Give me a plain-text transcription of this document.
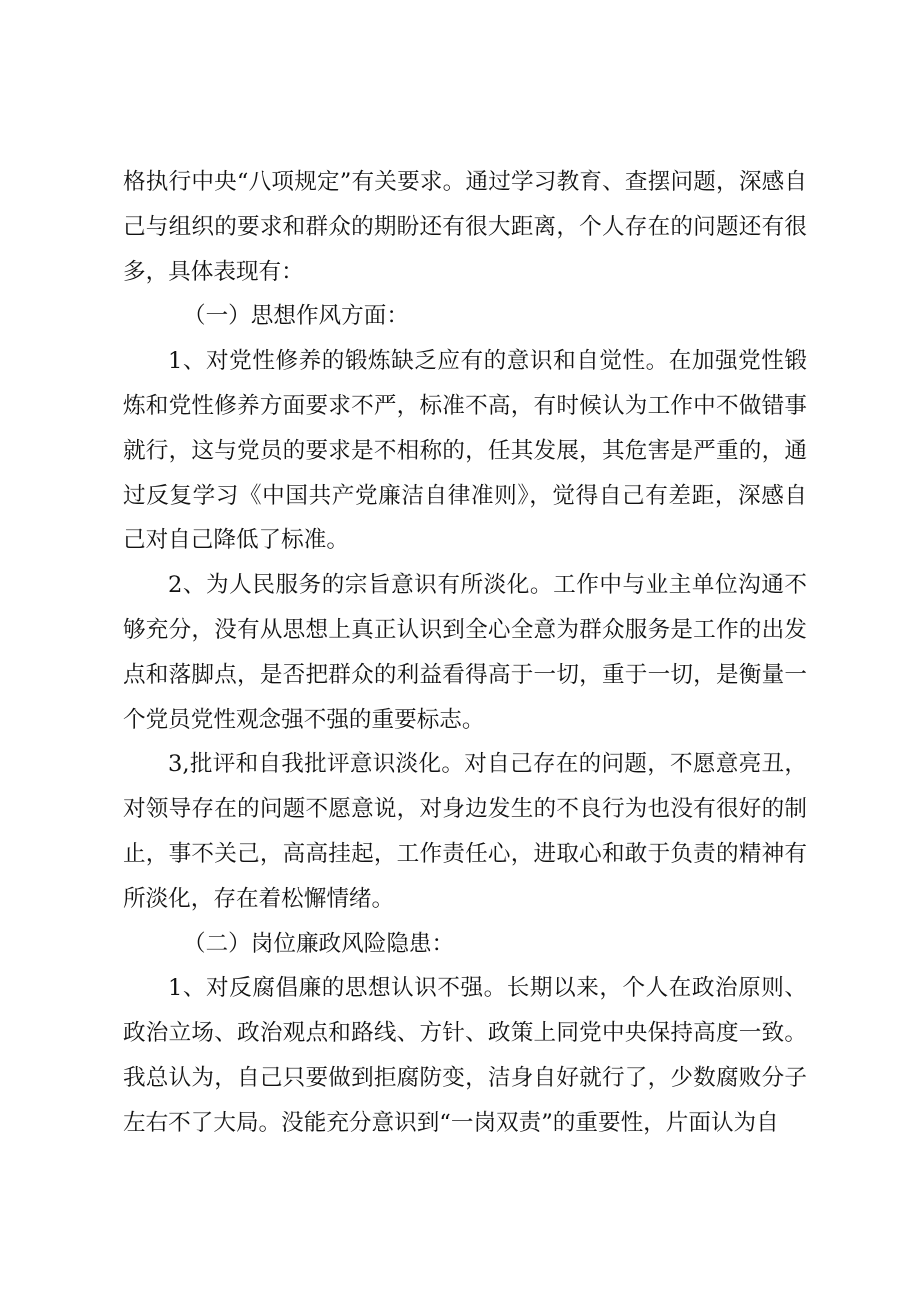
格执行中央“八项规定”有关要求。通过学习教育、查摆问题，深感自己与组织的要求和群众的期盼还有很大距离，个人存在的问题还有很多，具体表现有：

（一）思想作风方面：

1、对党性修养的锻炼缺乏应有的意识和自觉性。在加强党性锻炼和党性修养方面要求不严，标准不高，有时候认为工作中不做错事就行，这与党员的要求是不相称的，任其发展，其危害是严重的，通过反复学习《中国共产党廉洁自律准则》，觉得自己有差距，深感自己对自己降低了标准。

2、为人民服务的宗旨意识有所淡化。工作中与业主单位沟通不够充分，没有从思想上真正认识到全心全意为群众服务是工作的出发点和落脚点，是否把群众的利益看得高于一切，重于一切，是衡量一个党员党性观念强不强的重要标志。

3,批评和自我批评意识淡化。对自己存在的问题，不愿意亮丑，对领导存在的问题不愿意说，对身边发生的不良行为也没有很好的制止，事不关己，高高挂起，工作责任心，进取心和敢于负责的精神有所淡化，存在着松懈情绪。

（二）岗位廉政风险隐患：

1、对反腐倡廉的思想认识不强。长期以来，个人在政治原则、政治立场、政治观点和路线、方针、政策上同党中央保持高度一致。我总认为，自己只要做到拒腐防变，洁身自好就行了，少数腐败分子左右不了大局。没能充分意识到“一岗双责”的重要性，片面认为自
